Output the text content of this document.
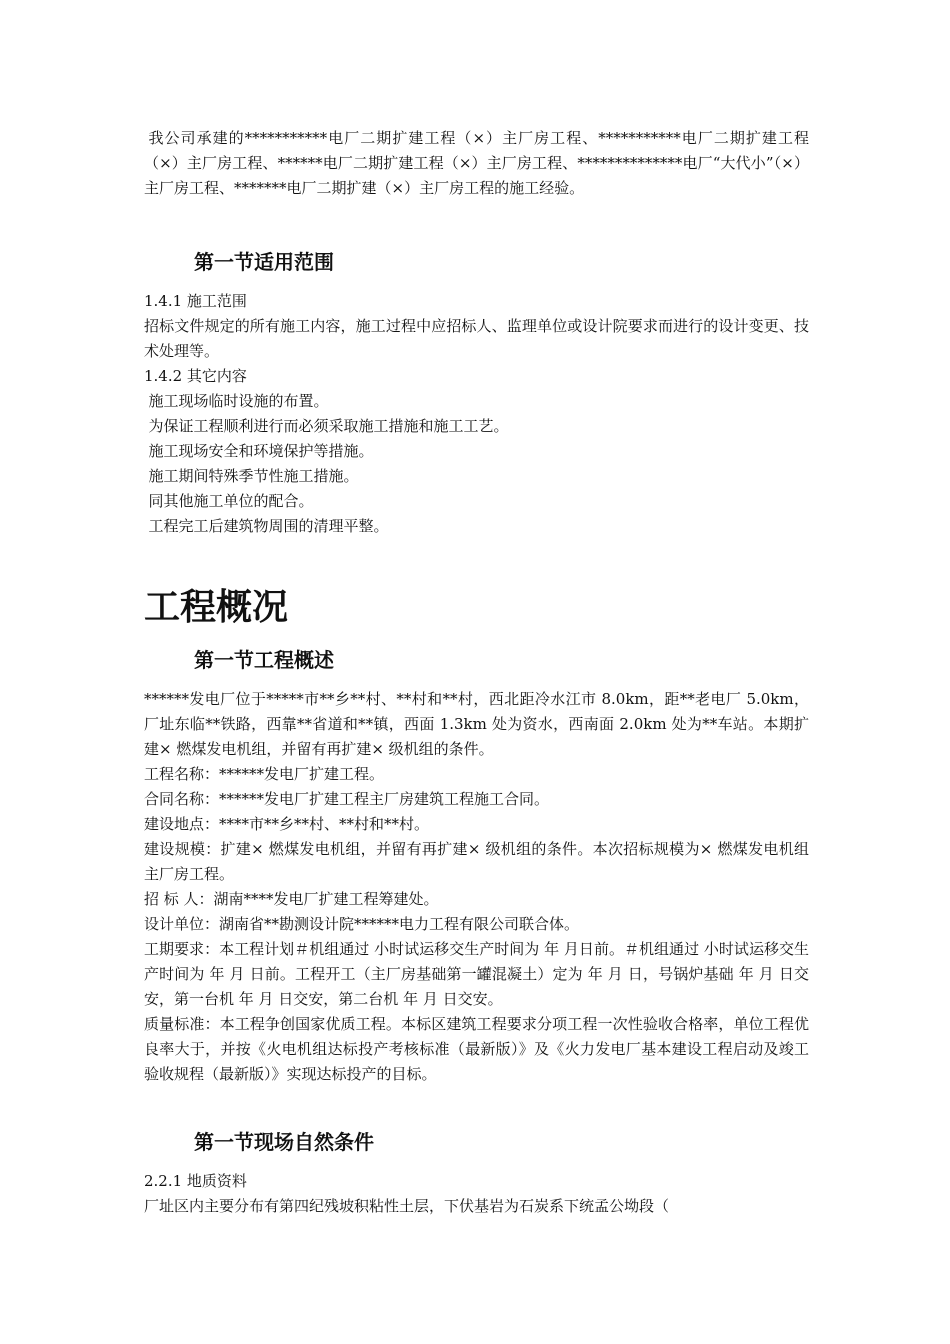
我公司承建的***********电厂二期扩建工程（×）主厂房工程、***********电厂二期扩建工程（×）主厂房工程、******电厂二期扩建工程（×）主厂房工程、**************电厂“大代小”（×）主厂房工程、*******电厂二期扩建（×）主厂房工程的施工经验。

第一节适用范围

1.4.1 施工范围

招标文件规定的所有施工内容，施工过程中应招标人、监理单位或设计院要求而进行的设计变更、技术处理等。

1.4.2 其它内容

施工现场临时设施的布置。

为保证工程顺利进行而必须采取施工措施和施工工艺。

施工现场安全和环境保护等措施。

施工期间特殊季节性施工措施。

同其他施工单位的配合。

工程完工后建筑物周围的清理平整。

工程概况
第一节工程概述

******发电厂位于*****市**乡**村、**村和**村，西北距冷水江市 8.0km，距**老电厂 5.0km，厂址东临**铁路，西靠**省道和**镇，西面 1.3km 处为资水，西南面 2.0km 处为**车站。本期扩建× 燃煤发电机组，并留有再扩建× 级机组的条件。

工程名称：******发电厂扩建工程。

合同名称：******发电厂扩建工程主厂房建筑工程施工合同。

建设地点：****市**乡**村、**村和**村。

建设规模：扩建× 燃煤发电机组，并留有再扩建× 级机组的条件。本次招标规模为× 燃煤发电机组主厂房工程。

招 标 人：湖南****发电厂扩建工程筹建处。

设计单位：湖南省**勘测设计院******电力工程有限公司联合体。

工期要求：本工程计划＃机组通过 小时试运移交生产时间为 年 月日前。＃机组通过 小时试运移交生产时间为 年 月 日前。工程开工（主厂房基础第一罐混凝土）定为 年 月 日，号锅炉基础 年 月 日交安，第一台机 年 月 日交安，第二台机 年 月 日交安。

质量标准：本工程争创国家优质工程。本标区建筑工程要求分项工程一次性验收合格率，单位工程优良率大于，并按《火电机组达标投产考核标准（最新版）》及《火力发电厂基本建设工程启动及竣工验收规程（最新版）》实现达标投产的目标。

第一节现场自然条件

2.2.1 地质资料

厂址区内主要分布有第四纪残坡积粘性土层，下伏基岩为石炭系下统孟公坳段（
